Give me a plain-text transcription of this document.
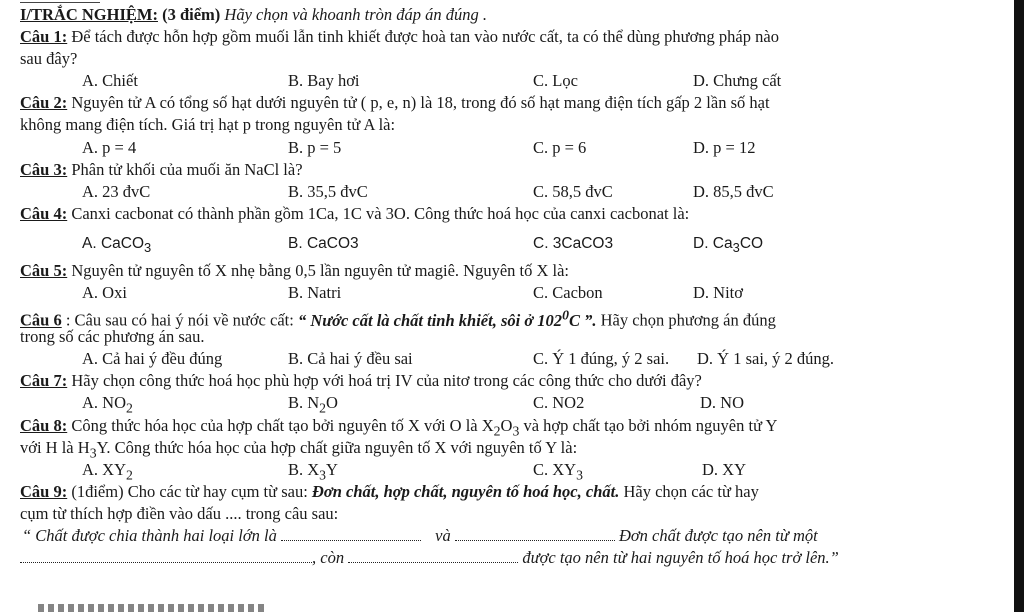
I/TRẮC NGHIỆM: (3 điểm) Hãy chọn và khoanh tròn đáp án đúng .
Câu 1: Để tách được hỗn hợp gồm muối lẫn tinh khiết được hoà tan vào nước cất, ta có thể dùng phương pháp nào
sau đây?
A. Chiết	B. Bay hơi	C. Lọc	D. Chưng cất
Câu 2: Nguyên tử A có tổng số hạt dưới nguyên tử ( p, e, n) là 18, trong đó số hạt mang điện tích gấp 2 lần số hạt
không mang điện tích. Giá trị hạt p trong nguyên tử A là:
A. p = 4	B. p = 5	C. p = 6	D. p = 12
Câu 3: Phân tử khối của muối ăn NaCl là?
A. 23 đvC	B. 35,5 đvC	C. 58,5 đvC	D. 85,5 đvC
Câu 4: Canxi cacbonat có thành phần gồm 1Ca, 1C và 3O. Công thức hoá học của canxi cacbonat là:
A. CaCO$_3$	B. CaCO3	C. 3CaCO3	D. $Ca_3CO$
Câu 5: Nguyên tử nguyên tố X nhẹ bằng 0,5 lần nguyên tử magiê. Nguyên tố X là:
A. Oxi	B. Natri	C. Cacbon	D. Nitơ
Câu 6 : Câu sau có hai ý nói về nước cất: “ Nước cất là chất tinh khiết, sôi ở $102^0C$ ”. Hãy chọn phương án đúng
trong số các phương án sau.
A. Cả hai ý đều đúng	B. Cả hai ý đều sai	C. Ý 1 đúng, ý 2 sai. D. Ý 1 sai, ý 2 đúng.
Câu 7: Hãy chọn công thức hoá học phù hợp với hoá trị IV của nitơ trong các công thức cho dưới đây?
A. $NO_2$	B. $N_2O$	C. NO2	D. NO
Câu 8: Công thức hóa học của hợp chất tạo bởi nguyên tố X với O là $X_2O_3$ và hợp chất tạo bởi nhóm nguyên tử Y
với H là $H_3Y$. Công thức hóa học của hợp chất giữa nguyên tố X với nguyên tố Y là:
A. $XY_2$	B. $X_3Y$	C. $XY_3$	D. XY
Câu 9: (1điểm) Cho các từ hay cụm từ sau: Đơn chất, hợp chất, nguyên tố hoá học, chất. Hãy chọn các từ hay
cụm từ thích hợp điền vào dấu .... trong câu sau:
“ Chất được chia thành hai loại lớn là	và	Đơn chất được tạo nên từ một
, còn	được tạo nên từ hai nguyên tố hoá học trở lên.”
